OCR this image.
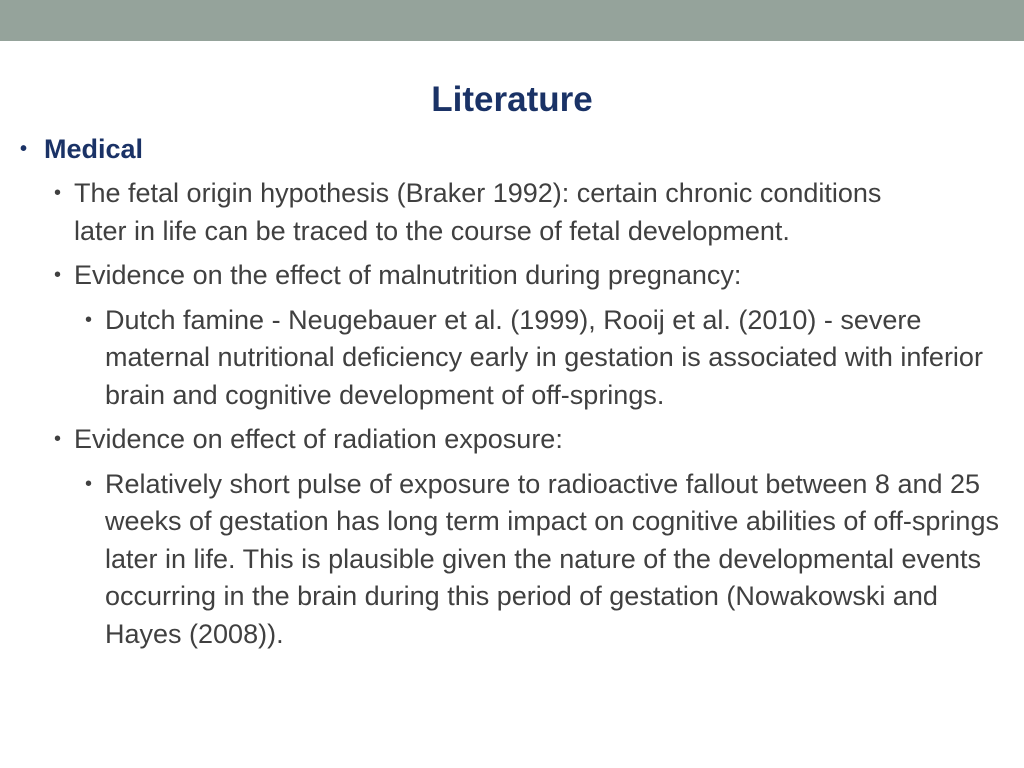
Literature
• Medical
• The fetal origin hypothesis (Braker 1992): certain chronic conditions later in life can be traced to the course of fetal development.
• Evidence on the effect of malnutrition during pregnancy:
• Dutch famine - Neugebauer et al. (1999), Rooij et al. (2010) - severe maternal nutritional deficiency early in gestation is associated with inferior brain and cognitive development of off-springs.
• Evidence on effect of radiation exposure:
• Relatively short pulse of exposure to radioactive fallout between 8 and 25 weeks of gestation has long term impact on cognitive abilities of off-springs later in life. This is plausible given the nature of the developmental events occurring in the brain during this period of gestation (Nowakowski and Hayes (2008)).
